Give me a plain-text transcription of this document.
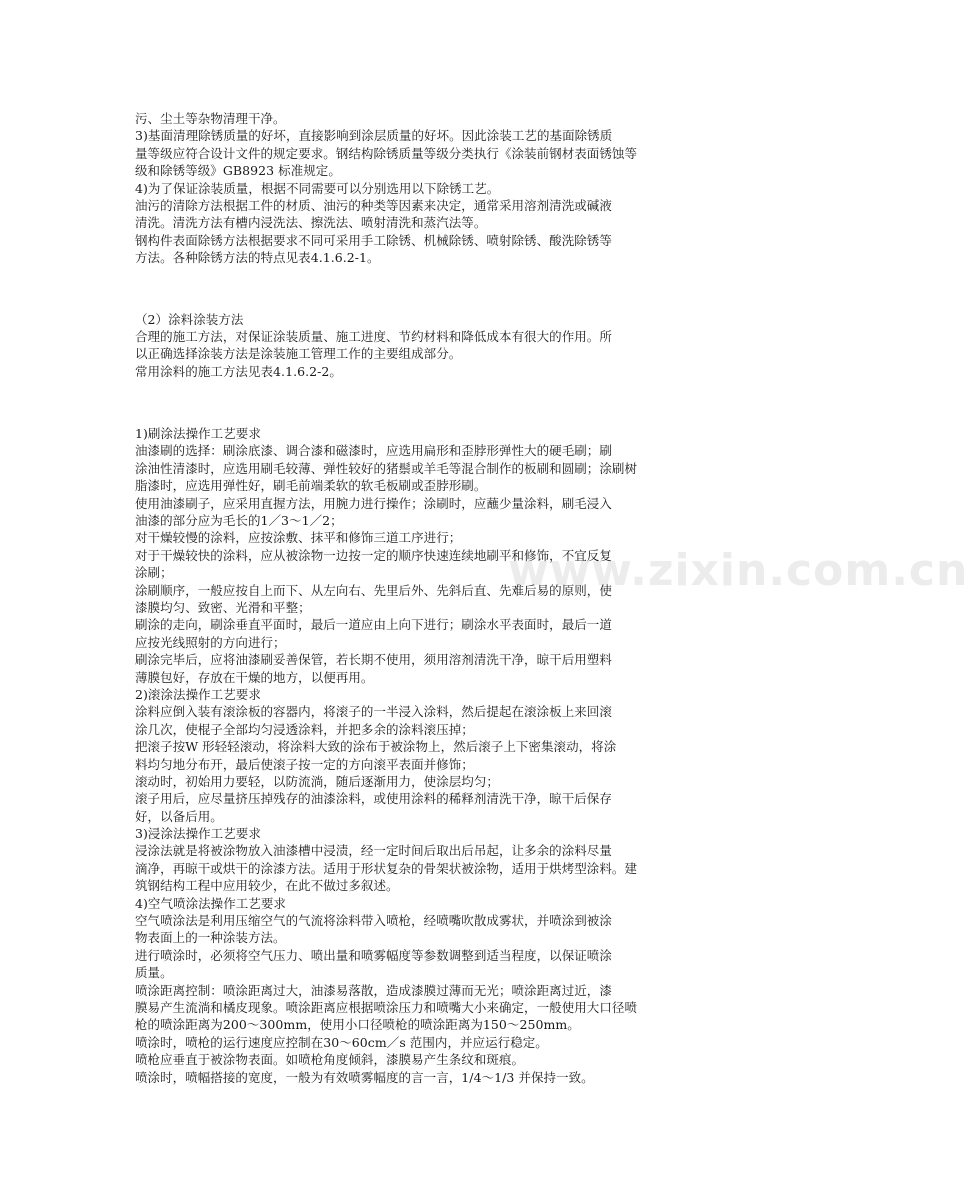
www.zixin.com.cn
污、尘土等杂物清理干净。
3)基面清理除锈质量的好坏，直接影响到涂层质量的好坏。因此涂装工艺的基面除锈质
量等级应符合设计文件的规定要求。钢结构除锈质量等级分类执行《涂装前钢材表面锈蚀等
级和除锈等级》GB8923 标准规定。
4)为了保证涂装质量，根据不同需要可以分别选用以下除锈工艺。
油污的清除方法根据工件的材质、油污的种类等因素来决定，通常采用溶剂清洗或碱液
清洗。清洗方法有槽内浸洗法、擦洗法、喷射清洗和蒸汽法等。
钢构件表面除锈方法根据要求不同可采用手工除锈、机械除锈、喷射除锈、酸洗除锈等
方法。各种除锈方法的特点见表4.1.6.2-1。
（2）涂料涂装方法
合理的施工方法，对保证涂装质量、施工进度、节约材料和降低成本有很大的作用。所
以正确选择涂装方法是涂装施工管理工作的主要组成部分。
常用涂料的施工方法见表4.1.6.2-2。
1)刷涂法操作工艺要求
油漆刷的选择：刷涂底漆、调合漆和磁漆时，应选用扁形和歪脖形弹性大的硬毛刷；刷
涂油性清漆时，应选用刷毛较薄、弹性较好的猪鬃或羊毛等混合制作的板刷和圆刷；涂刷树
脂漆时，应选用弹性好，刷毛前端柔软的软毛板刷或歪脖形刷。
使用油漆刷子，应采用直握方法，用腕力进行操作；涂刷时，应蘸少量涂料，刷毛浸入
油漆的部分应为毛长的1／3～1／2；
对干燥较慢的涂料，应按涂敷、抹平和修饰三道工序进行；
对于干燥较快的涂料，应从被涂物一边按一定的顺序快速连续地刷平和修饰，不宜反复
涂刷；
涂刷顺序，一般应按自上而下、从左向右、先里后外、先斜后直、先难后易的原则，使
漆膜均匀、致密、光滑和平整；
刷涂的走向，刷涂垂直平面时，最后一道应由上向下进行；刷涂水平表面时，最后一道
应按光线照射的方向进行；
刷涂完毕后，应将油漆刷妥善保管，若长期不使用，须用溶剂清洗干净，晾干后用塑料
薄膜包好，存放在干燥的地方，以便再用。
2)滚涂法操作工艺要求
涂料应倒入装有滚涂板的容器内，将滚子的一半浸入涂料，然后提起在滚涂板上来回滚
涂几次，使棍子全部均匀浸透涂料，并把多余的涂料滚压掉；
把滚子按W 形轻轻滚动，将涂料大致的涂布于被涂物上，然后滚子上下密集滚动，将涂
料均匀地分布开，最后使滚子按一定的方向滚平表面并修饰；
滚动时，初始用力要轻，以防流淌，随后逐渐用力，使涂层均匀；
滚子用后，应尽量挤压掉残存的油漆涂料，或使用涂料的稀释剂清洗干净，晾干后保存
好，以备后用。
3)浸涂法操作工艺要求
浸涂法就是将被涂物放入油漆槽中浸渍，经一定时间后取出后吊起，让多余的涂料尽量
滴净，再晾干或烘干的涂漆方法。适用于形状复杂的骨架状被涂物，适用于烘烤型涂料。建
筑钢结构工程中应用较少，在此不做过多叙述。
4)空气喷涂法操作工艺要求
空气喷涂法是利用压缩空气的气流将涂料带入喷枪，经喷嘴吹散成雾状，并喷涂到被涂
物表面上的一种涂装方法。
进行喷涂时，必须将空气压力、喷出量和喷雾幅度等参数调整到适当程度，以保证喷涂
质量。
喷涂距离控制：喷涂距离过大，油漆易落散，造成漆膜过薄而无光；喷涂距离过近，漆
膜易产生流淌和橘皮现象。喷涂距离应根据喷涂压力和喷嘴大小来确定，一般使用大口径喷
枪的喷涂距离为200～300mm，使用小口径喷枪的喷涂距离为150～250mm。
喷涂时，喷枪的运行速度应控制在30～60cm／s 范围内，并应运行稳定。
喷枪应垂直于被涂物表面。如喷枪角度倾斜，漆膜易产生条纹和斑痕。
喷涂时，喷幅搭接的宽度，一般为有效喷雾幅度的言一言，1/4～1/3 并保持一致。
